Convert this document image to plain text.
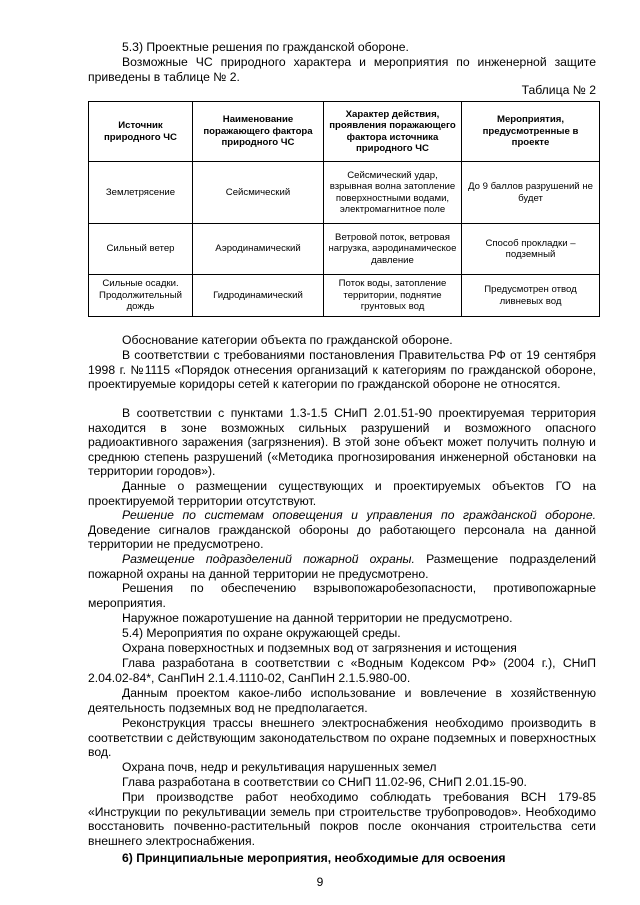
5.3) Проектные решения по гражданской обороне.

Возможные ЧС природного характера и мероприятия по инженерной защите приведены в таблице № 2.

Таблица № 2

Источник природного ЧС	Наименование поражающего фактора природного ЧС	Характер действия, проявления поражающего фактора источника природного ЧС	Мероприятия, предусмотренные в проекте
Землетрясение	Сейсмический	Сейсмический удар, взрывная волна затопление поверхностными водами, электромагнитное поле	До 9 баллов разрушений не будет
Сильный ветер	Аэродинамический	Ветровой поток, ветровая нагрузка, аэродинамическое давление	Способ прокладки – подземный
Сильные осадки. Продолжительный дождь	Гидродинамический	Поток воды, затопление территории, поднятие грунтовых вод	Предусмотрен отвод ливневых вод

Обоснование категории объекта по гражданской обороне.

В соответствии с требованиями постановления Правительства РФ от 19 сентября 1998 г. №1115 «Порядок отнесения организаций к категориям по гражданской обороне, проектируемые коридоры сетей к категории по гражданской обороне не относятся.

В соответствии с пунктами 1.3-1.5 СНиП 2.01.51-90 проектируемая территория находится в зоне возможных сильных разрушений и возможного опасного радиоактивного заражения (загрязнения). В этой зоне объект может получить полную и среднюю степень разрушений («Методика прогнозирования инженерной обстановки на территории городов»).

Данные о размещении существующих и проектируемых объектов ГО на проектируемой территории отсутствуют.

Решение по системам оповещения и управления по гражданской обороне. Доведение сигналов гражданской обороны до работающего персонала на данной территории не предусмотрено.

Размещение подразделений пожарной охраны. Размещение подразделений пожарной охраны на данной территории не предусмотрено.

Решения по обеспечению взрывопожаробезопасности, противопожарные мероприятия.

Наружное пожаротушение на данной территории не предусмотрено.

5.4) Мероприятия по охране окружающей среды.

Охрана поверхностных и подземных вод от загрязнения и истощения

Глава разработана в соответствии с «Водным Кодексом РФ» (2004 г.), СНиП 2.04.02-84*, СанПиН 2.1.4.1110-02, СанПиН 2.1.5.980-00.

Данным проектом какое-либо использование и вовлечение в хозяйственную деятельность подземных вод не предполагается.

Реконструкция трассы внешнего электроснабжения необходимо производить в соответствии с действующим законодательством по охране подземных и поверхностных вод.

Охрана почв, недр и рекультивация нарушенных земел

Глава разработана в соответствии со СНиП 11.02-96, СНиП 2.01.15-90.

При производстве работ необходимо соблюдать требования ВСН 179-85 «Инструкции по рекультивации земель при строительстве трубопроводов». Необходимо восстановить почвенно-растительный покров после окончания строительства сети внешнего электроснабжения.

6) Принципиальные мероприятия, необходимые для освоения

9
